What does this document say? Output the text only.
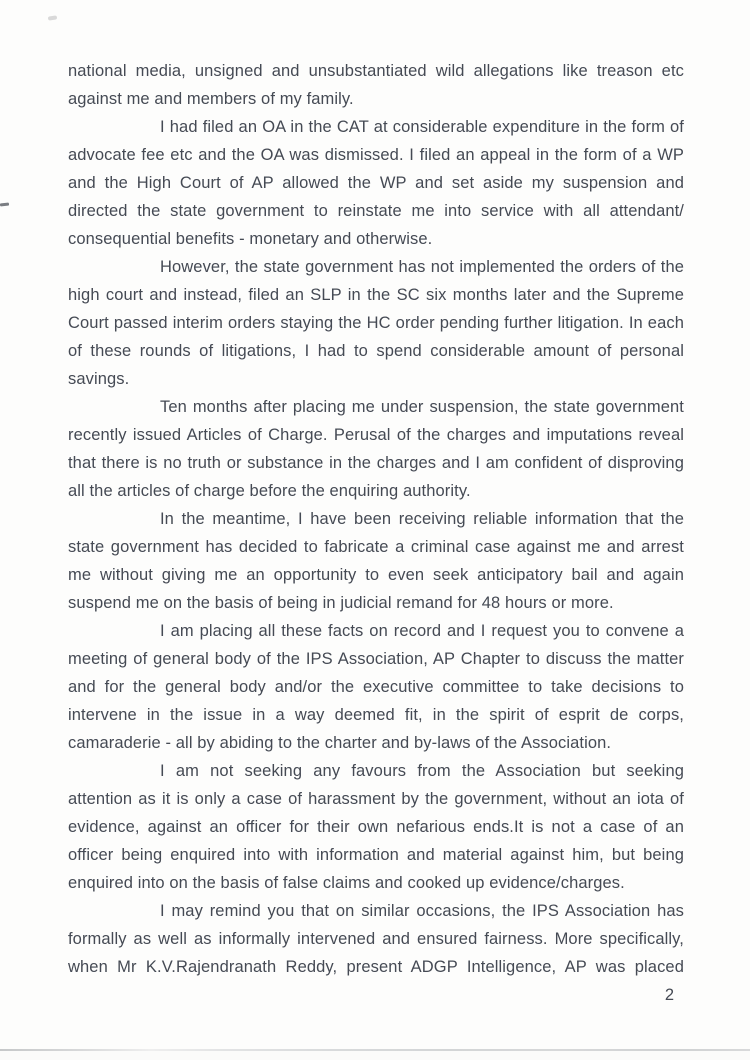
national media, unsigned and unsubstantiated wild allegations like treason etc against me and members of my family.

I had filed an OA in the CAT at considerable expenditure in the form of advocate fee etc and the OA was dismissed. I filed an appeal in the form of a WP and the High Court of AP allowed the WP and set aside my suspension and directed the state government to reinstate me into service with all attendant/ consequential benefits - monetary and otherwise.

However, the state government has not implemented the orders of the high court and instead, filed an SLP in the SC six months later and the Supreme Court passed interim orders staying the HC order pending further litigation. In each of these rounds of litigations, I had to spend considerable amount of personal savings.

Ten months after placing me under suspension, the state government recently issued Articles of Charge. Perusal of the charges and imputations reveal that there is no truth or substance in the charges and I am confident of disproving all the articles of charge before the enquiring authority.

In the meantime, I have been receiving reliable information that the state government has decided to fabricate a criminal case against me and arrest me without giving me an opportunity to even seek anticipatory bail and again suspend me on the basis of being in judicial remand for 48 hours or more.

I am placing all these facts on record and I request you to convene a meeting of general body of the IPS Association, AP Chapter to discuss the matter and for the general body and/or the executive committee to take decisions to intervene in the issue in a way deemed fit, in the spirit of esprit de corps, camaraderie - all by abiding to the charter and by-laws of the Association.

I am not seeking any favours from the Association but seeking attention as it is only a case of harassment by the government, without an iota of evidence, against an officer for their own nefarious ends.It is not a case of an officer being enquired into with information and material against him, but being enquired into on the basis of false claims and cooked up evidence/charges.

I may remind you that on similar occasions, the IPS Association has formally as well as informally intervened and ensured fairness. More specifically, when Mr K.V.Rajendranath Reddy, present ADGP Intelligence, AP was placed

2
